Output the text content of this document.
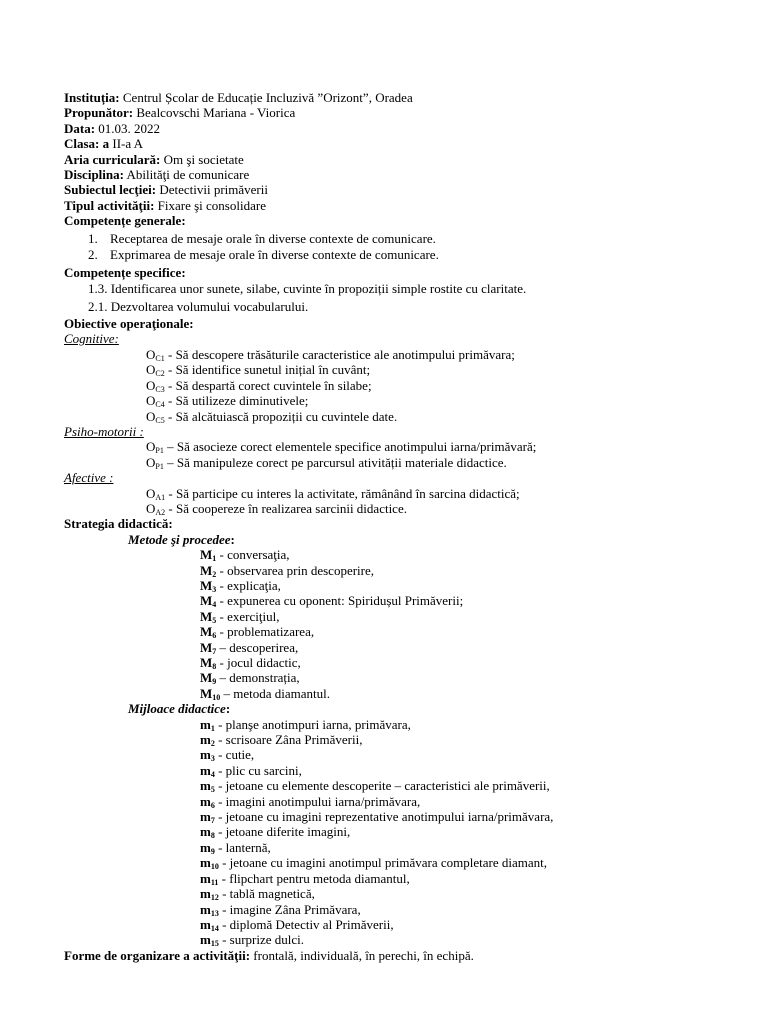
Instituția: Centrul Școlar de Educație Incluzivă ”Orizont”, Oradea
Propunător: Bealcovschi Mariana - Viorica
Data: 01.03. 2022
Clasa: a II-a A
Aria curriculară: Om şi societate
Disciplina: Abilităţi de comunicare
Subiectul lecţiei: Detectivii primăverii
Tipul activităţii: Fixare şi consolidare
Competențe generale:
1. Receptarea de mesaje orale în diverse contexte de comunicare.
2. Exprimarea de mesaje orale în diverse contexte de comunicare.
Competențe specifice:
1.3. Identificarea unor sunete, silabe, cuvinte în propoziții simple rostite cu claritate.
2.1. Dezvoltarea volumului vocabularului.
Obiective operaţionale:
Cognitive:
$O_{C1}$ - Să descopere trăsăturile caracteristice ale anotimpului primăvara;
$O_{C2}$ - Să identifice sunetul inițial în cuvânt;
$O_{C3}$ - Să despartă corect cuvintele în silabe;
$O_{C4}$ - Să utilizeze diminutivele;
$O_{C5}$ - Să alcătuiască propoziții cu cuvintele date.
Psiho-motorii :
$O_{P1}$ – Să asocieze corect elementele specifice anotimpului iarna/primăvară;
$O_{P1}$ – Să manipuleze corect pe parcursul ativității materiale didactice.
Afective :
$O_{A1}$ - Să participe cu interes la activitate, rămânând în sarcina didactică;
$O_{A2}$ - Să coopereze în realizarea sarcinii didactice.
Strategia didactică:
Metode şi procedee:
$M_1$ - conversaţia,
$M_2$ - observarea prin descoperire,
$M_3$ - explicaţia,
$M_4$ - expunerea cu oponent: Spiridușul Primăverii;
$M_5$ - exerciţiul,
$M_6$ - problematizarea,
$M_7$ – descoperirea,
$M_8$ - jocul didactic,
$M_9$ – demonstrația,
$M_{10}$ – metoda diamantul.
Mijloace didactice:
$m_1$ - planşe anotimpuri iarna, primăvara,
$m_2$ - scrisoare Zâna Primăverii,
$m_3$ - cutie,
$m_4$ - plic cu sarcini,
$m_5$ - jetoane cu elemente descoperite – caracteristici ale primăverii,
$m_6$ - imagini anotimpului iarna/primăvara,
$m_7$ - jetoane cu imagini reprezentative anotimpului iarna/primăvara,
$m_8$ - jetoane diferite imagini,
$m_9$ - lanternă,
$m_{10}$ - jetoane cu imagini anotimpul primăvara completare diamant,
$m_{11}$ - flipchart pentru metoda diamantul,
$m_{12}$ - tablă magnetică,
$m_{13}$ - imagine Zâna Primăvara,
$m_{14}$ - diplomă Detectiv al Primăverii,
$m_{15}$ - surprize dulci.
Forme de organizare a activităţii: frontală, individuală, în perechi, în echipă.
